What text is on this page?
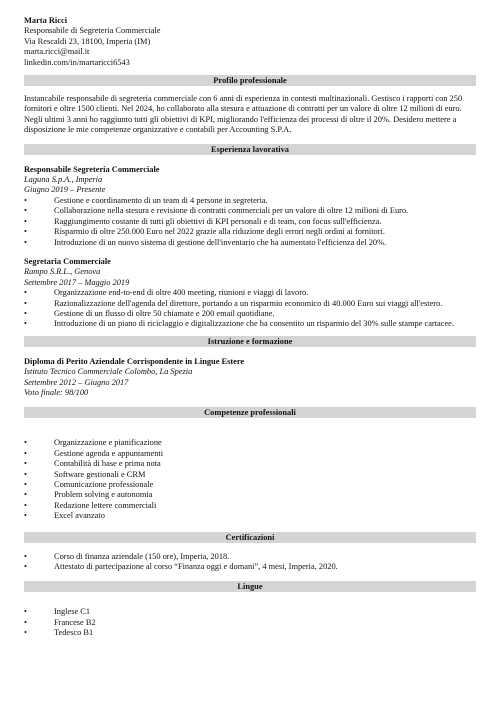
Marta Ricci
Responsabile di Segreteria Commerciale
Via Rescaldi 23, 18100, Imperia (IM)
marta.ricci@mail.it
linkedin.com/in/martaricci6543
Profilo professionale
Instancabile responsabile di segreteria commerciale con 6 anni di esperienza in contesti multinazionali. Gestisco i rapporti con 250 fornitori e oltre 1500 clienti. Nel 2024, ho collaborato alla stesura e attuazione di contratti per un valore di oltre 12 milioni di euro. Negli ultimi 3 anni ho raggiunto tutti gli obiettivi di KPI, migliorando l'efficienza dei processi di oltre il 20%. Desidero mettere a disposizione le mie competenze organizzative e contabili per Accounting S.P.A.
Esperienza lavorativa
Responsabile Segreteria Commerciale
Laguna S.p.A., Imperia
Giugno 2019 – Presente
• Gestione e coordinamento di un team di 4 persone in segreteria.
• Collaborazione nella stesura e revisione di contratti commerciali per un valore di oltre 12 milioni di Euro.
• Raggiungimento costante di tutti gli obiettivi di KPI personali e di team, con focus sull'efficienza.
• Risparmio di oltre 250.000 Euro nel 2022 grazie alla riduzione degli errori negli ordini ai fornitori.
• Introduzione di un nuovo sistema di gestione dell'inventario che ha aumentato l'efficienza del 20%.
Segretaria Commerciale
Rampo S.R.L., Genova
Settembre 2017 – Maggio 2019
• Organizzazione end-to-end di oltre 400 meeting, riunioni e viaggi di lavoro.
• Razionalizzazione dell'agenda del direttore, portando a un risparmio economico di 40.000 Euro sui viaggi all'estero.
• Gestione di un flusso di oltre 50 chiamate e 200 email quotidiane.
• Introduzione di un piano di riciclaggio e digitalizzazione che ha consentito un risparmio del 30% sulle stampe cartacee.
Istruzione e formazione
Diploma di Perito Aziendale Corrispondente in Lingue Estere
Istituto Tecnico Commerciale Colombo, La Spezia
Settembre 2012 – Giugno 2017
Voto finale: 98/100
Competenze professionali
• Organizzazione e pianificazione
• Gestione agenda e appuntamenti
• Contabilità di base e prima nota
• Software gestionali e CRM
• Comunicazione professionale
• Problem solving e autonomia
• Redazione lettere commerciali
• Excel avanzato
Certificazioni
• Corso di finanza aziendale (150 ore), Imperia, 2018.
• Attestato di partecipazione al corso “Finanza oggi e domani”, 4 mesi, Imperia, 2020.
Lingue
• Inglese C1
• Francese B2
• Tedesco B1
